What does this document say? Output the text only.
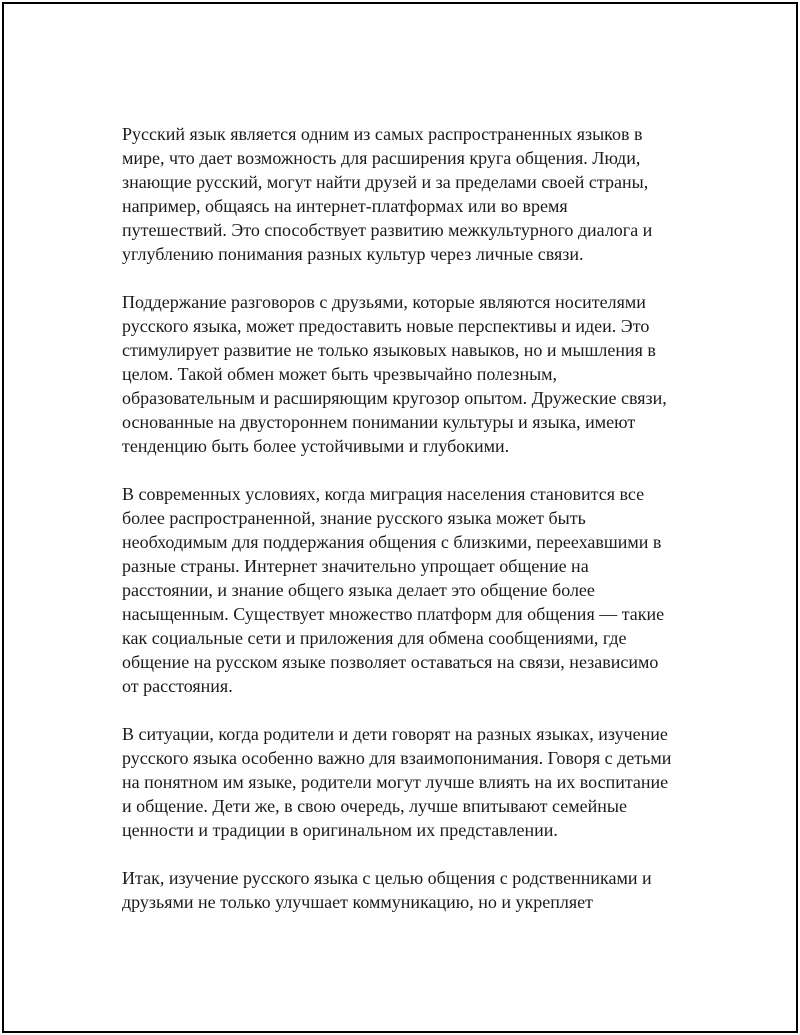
Русский язык является одним из самых распространенных языков в
мире, что дает возможность для расширения круга общения. Люди,
знающие русский, могут найти друзей и за пределами своей страны,
например, общаясь на интернет-платформах или во время
путешествий. Это способствует развитию межкультурного диалога и
углублению понимания разных культур через личные связи.

Поддержание разговоров с друзьями, которые являются носителями
русского языка, может предоставить новые перспективы и идеи. Это
стимулирует развитие не только языковых навыков, но и мышления в
целом. Такой обмен может быть чрезвычайно полезным,
образовательным и расширяющим кругозор опытом. Дружеские связи,
основанные на двустороннем понимании культуры и языка, имеют
тенденцию быть более устойчивыми и глубокими.

В современных условиях, когда миграция населения становится все
более распространенной, знание русского языка может быть
необходимым для поддержания общения с близкими, переехавшими в
разные страны. Интернет значительно упрощает общение на
расстоянии, и знание общего языка делает это общение более
насыщенным. Существует множество платформ для общения — такие
как социальные сети и приложения для обмена сообщениями, где
общение на русском языке позволяет оставаться на связи, независимо
от расстояния.

В ситуации, когда родители и дети говорят на разных языках, изучение
русского языка особенно важно для взаимопонимания. Говоря с детьми
на понятном им языке, родители могут лучше влиять на их воспитание
и общение. Дети же, в свою очередь, лучше впитывают семейные
ценности и традиции в оригинальном их представлении.

Итак, изучение русского языка с целью общения с родственниками и
друзьями не только улучшает коммуникацию, но и укрепляет
